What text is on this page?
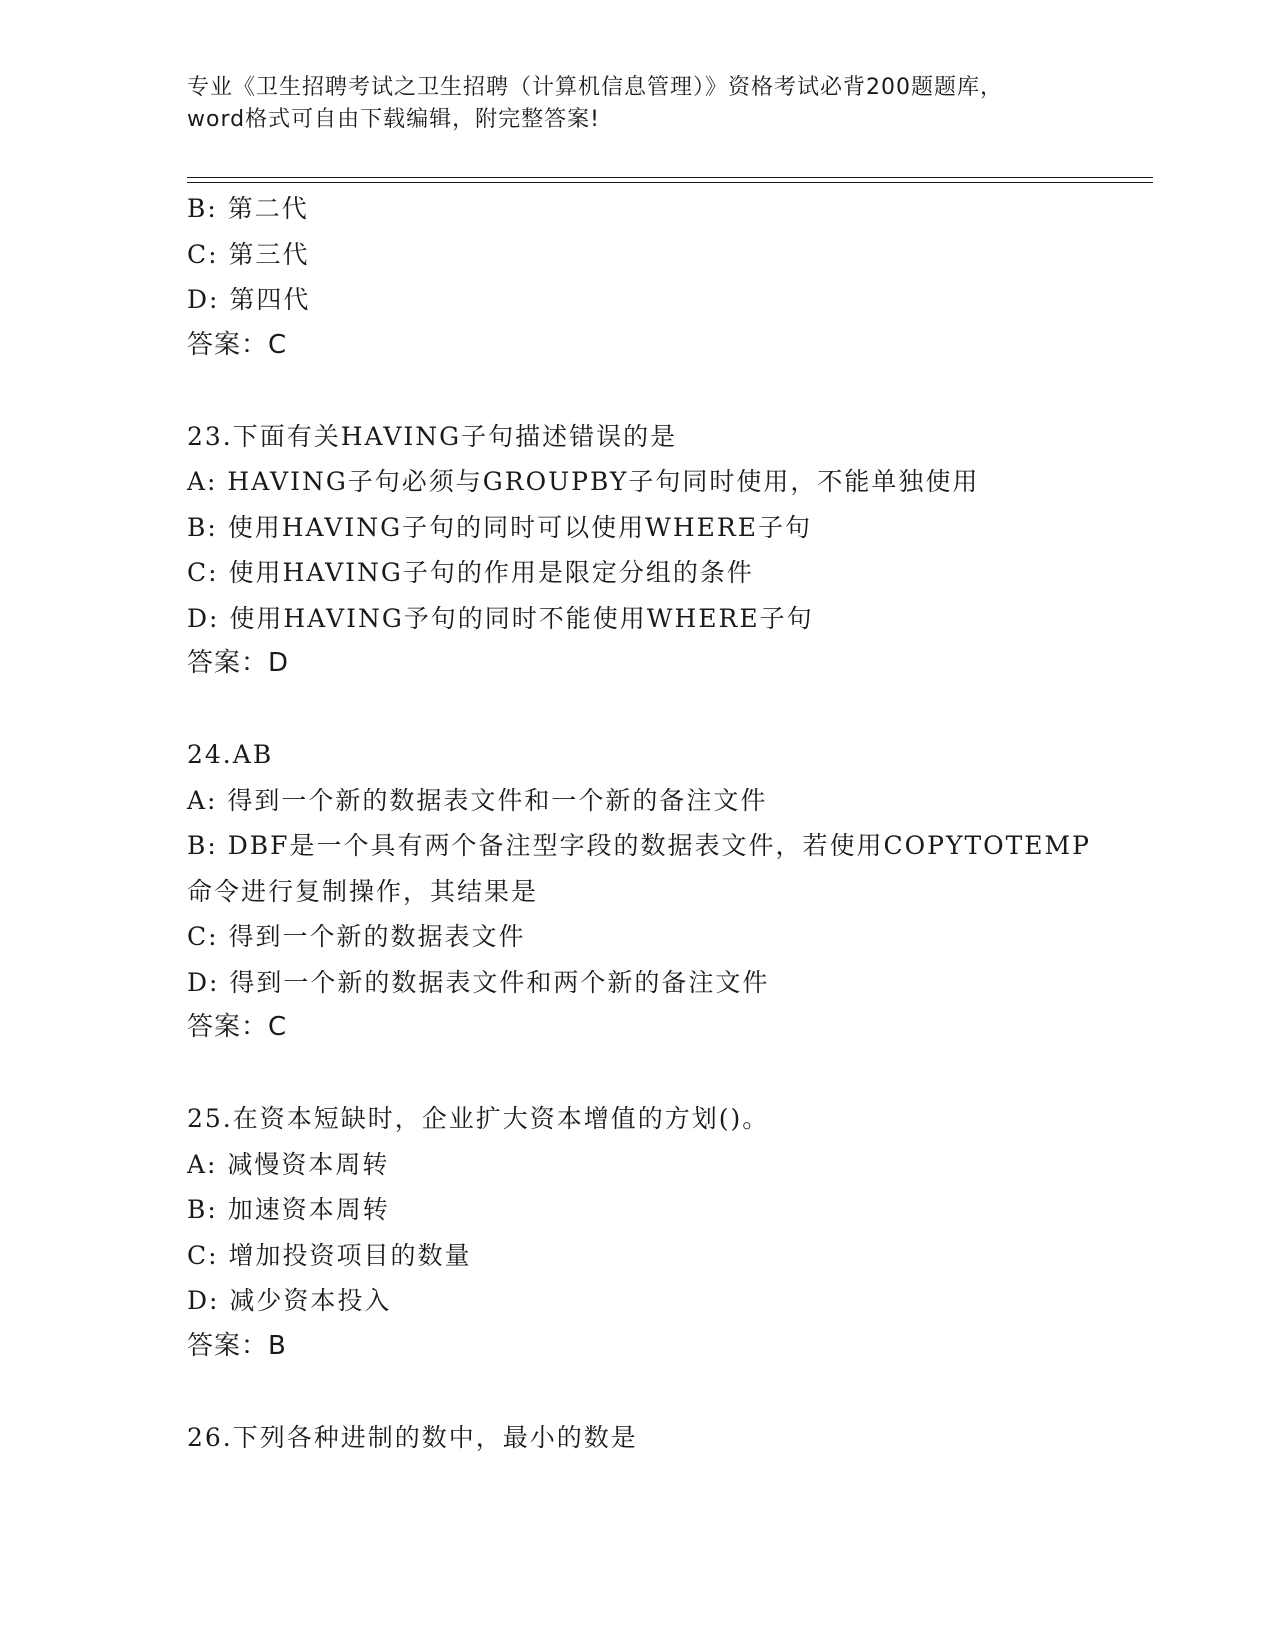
专业《卫生招聘考试之卫生招聘（计算机信息管理）》资格考试必背200题题库，
word格式可自由下载编辑，附完整答案!
B: 第二代
C: 第三代
D: 第四代
答案：C
23.下面有关HAVING子句描述错误的是
A: HAVING子句必须与GROUPBY子句同时使用，不能单独使用
B: 使用HAVING子句的同时可以使用WHERE子句
C: 使用HAVING子句的作用是限定分组的条件
D: 使用HAVING予句的同时不能使用WHERE子句
答案：D
24.AB
A: 得到一个新的数据表文件和一个新的备注文件
B: DBF是一个具有两个备注型字段的数据表文件，若使用COPYTOTEMP
命令进行复制操作，其结果是
C: 得到一个新的数据表文件
D: 得到一个新的数据表文件和两个新的备注文件
答案：C
25.在资本短缺时，企业扩大资本增值的方划()。
A: 减慢资本周转
B: 加速资本周转
C: 增加投资项目的数量
D: 减少资本投入
答案：B
26.下列各种进制的数中，最小的数是
